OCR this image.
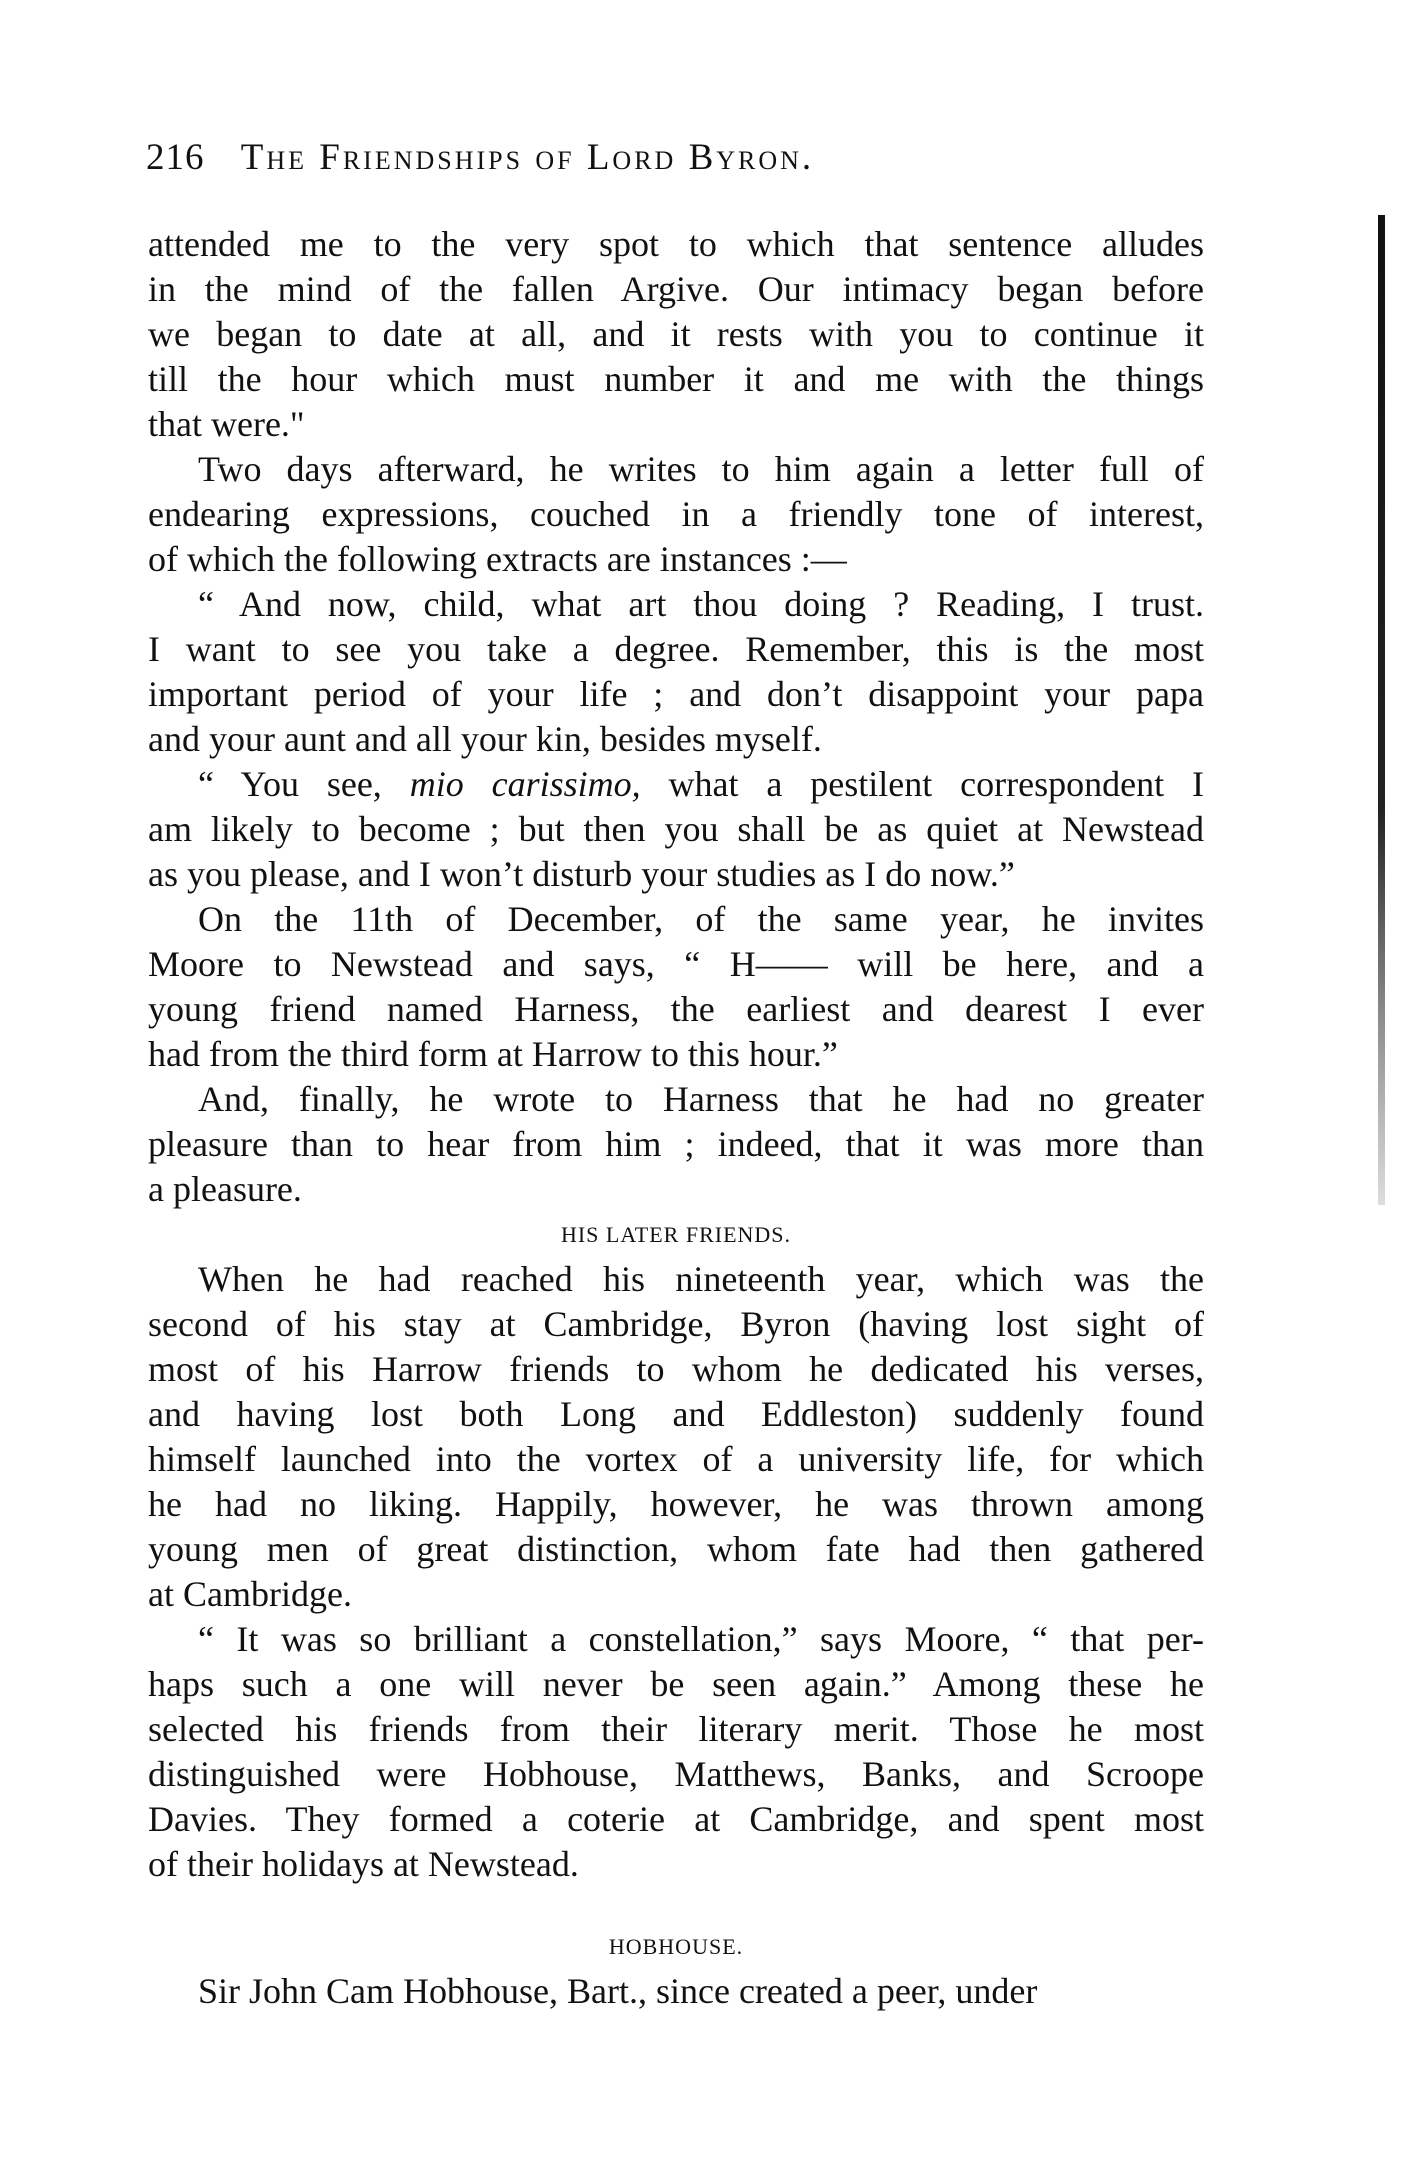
216 The Friendships of Lord Byron.
attended me to the very spot to which that sentence alludes
in the mind of the fallen Argive. Our intimacy began before
we began to date at all, and it rests with you to continue it
till the hour which must number it and me with the things
that were."
Two days afterward, he writes to him again a letter full of
endearing expressions, couched in a friendly tone of interest,
of which the following extracts are instances :—
“ And now, child, what art thou doing ? Reading, I trust.
I want to see you take a degree. Remember, this is the most
important period of your life ; and don’t disappoint your papa
and your aunt and all your kin, besides myself.
“ You see, mio carissimo, what a pestilent correspondent I
am likely to become ; but then you shall be as quiet at Newstead
as you please, and I won’t disturb your studies as I do now.”
On the 11th of December, of the same year, he invites
Moore to Newstead and says, “ H—— will be here, and a
young friend named Harness, the earliest and dearest I ever
had from the third form at Harrow to this hour.”
And, finally, he wrote to Harness that he had no greater
pleasure than to hear from him ; indeed, that it was more than
a pleasure.
HIS LATER FRIENDS.
When he had reached his nineteenth year, which was the
second of his stay at Cambridge, Byron (having lost sight of
most of his Harrow friends to whom he dedicated his verses,
and having lost both Long and Eddleston) suddenly found
himself launched into the vortex of a university life, for which
he had no liking. Happily, however, he was thrown among
young men of great distinction, whom fate had then gathered
at Cambridge.
“ It was so brilliant a constellation,” says Moore, “ that per-
haps such a one will never be seen again.” Among these he
selected his friends from their literary merit. Those he most
distinguished were Hobhouse, Matthews, Banks, and Scroope
Davies. They formed a coterie at Cambridge, and spent most
of their holidays at Newstead.
HOBHOUSE.
Sir John Cam Hobhouse, Bart., since created a peer, under
